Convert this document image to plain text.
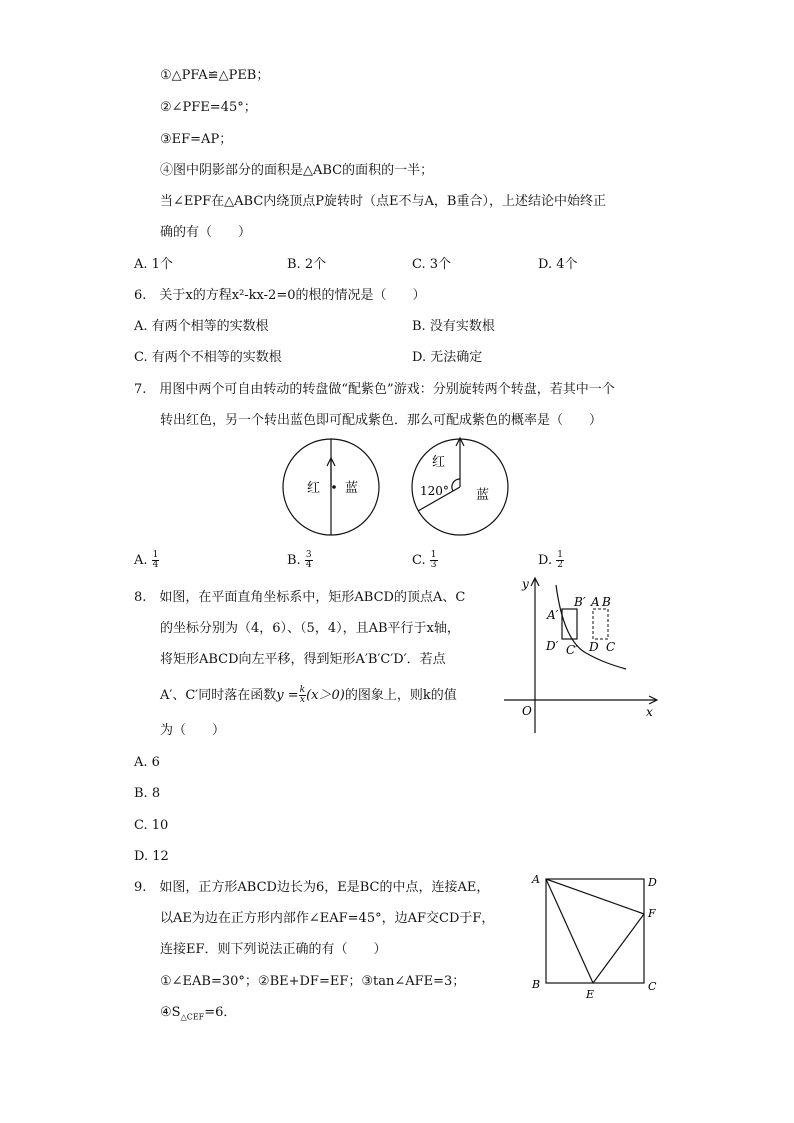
①△PFA≌△PEB；
②∠PFE=45°；
③EF=AP；
④图中阴影部分的面积是△ABC的面积的一半；
当∠EPF在△ABC内绕顶点P旋转时（点E不与A，B重合），上述结论中始终正
确的有（　　）
A. 1个	B. 2个	C. 3个	D. 4个
6.　关于x的方程x²-kx-2=0的根的情况是（　　）
A. 有两个相等的实数根	B. 没有实数根
C. 有两个不相等的实数根	D. 无法确定
7.　用图中两个可自由转动的转盘做“配紫色”游戏：分别旋转两个转盘，若其中一个
转出红色，另一个转出蓝色即可配成紫色．那么可配成紫色的概率是（　　）
红 蓝
红
120° 蓝
A. $\frac{1}{4}$	B. $\frac{3}{4}$	C. $\frac{1}{3}$	D. $\frac{1}{2}$
8.　如图，在平面直角坐标系中，矩形ABCD的顶点A、C
的坐标分别为（4，6）、（5，4），且AB平行于x轴，
将矩形ABCD向左平移，得到矩形A′B′C′D′．若点
A′、C′同时落在函数$y = \frac{k}{x} (x>0)$的图象上，则k的值
为（　　）
A. 6
B. 8
C. 10
D. 12
y
x
O
B′ A B
A′
D′ C′ D C
9.　如图，正方形ABCD边长为6，E是BC的中点，连接AE，
以AE为边在正方形内部作∠EAF=45°，边AF交CD于F，
连接EF．则下列说法正确的有（　　）
①∠EAB=30°；②BE+DF=EF；③tan∠AFE=3；
$④S_{\triangle CEF}=6$．
A	D
F
B
E
C
